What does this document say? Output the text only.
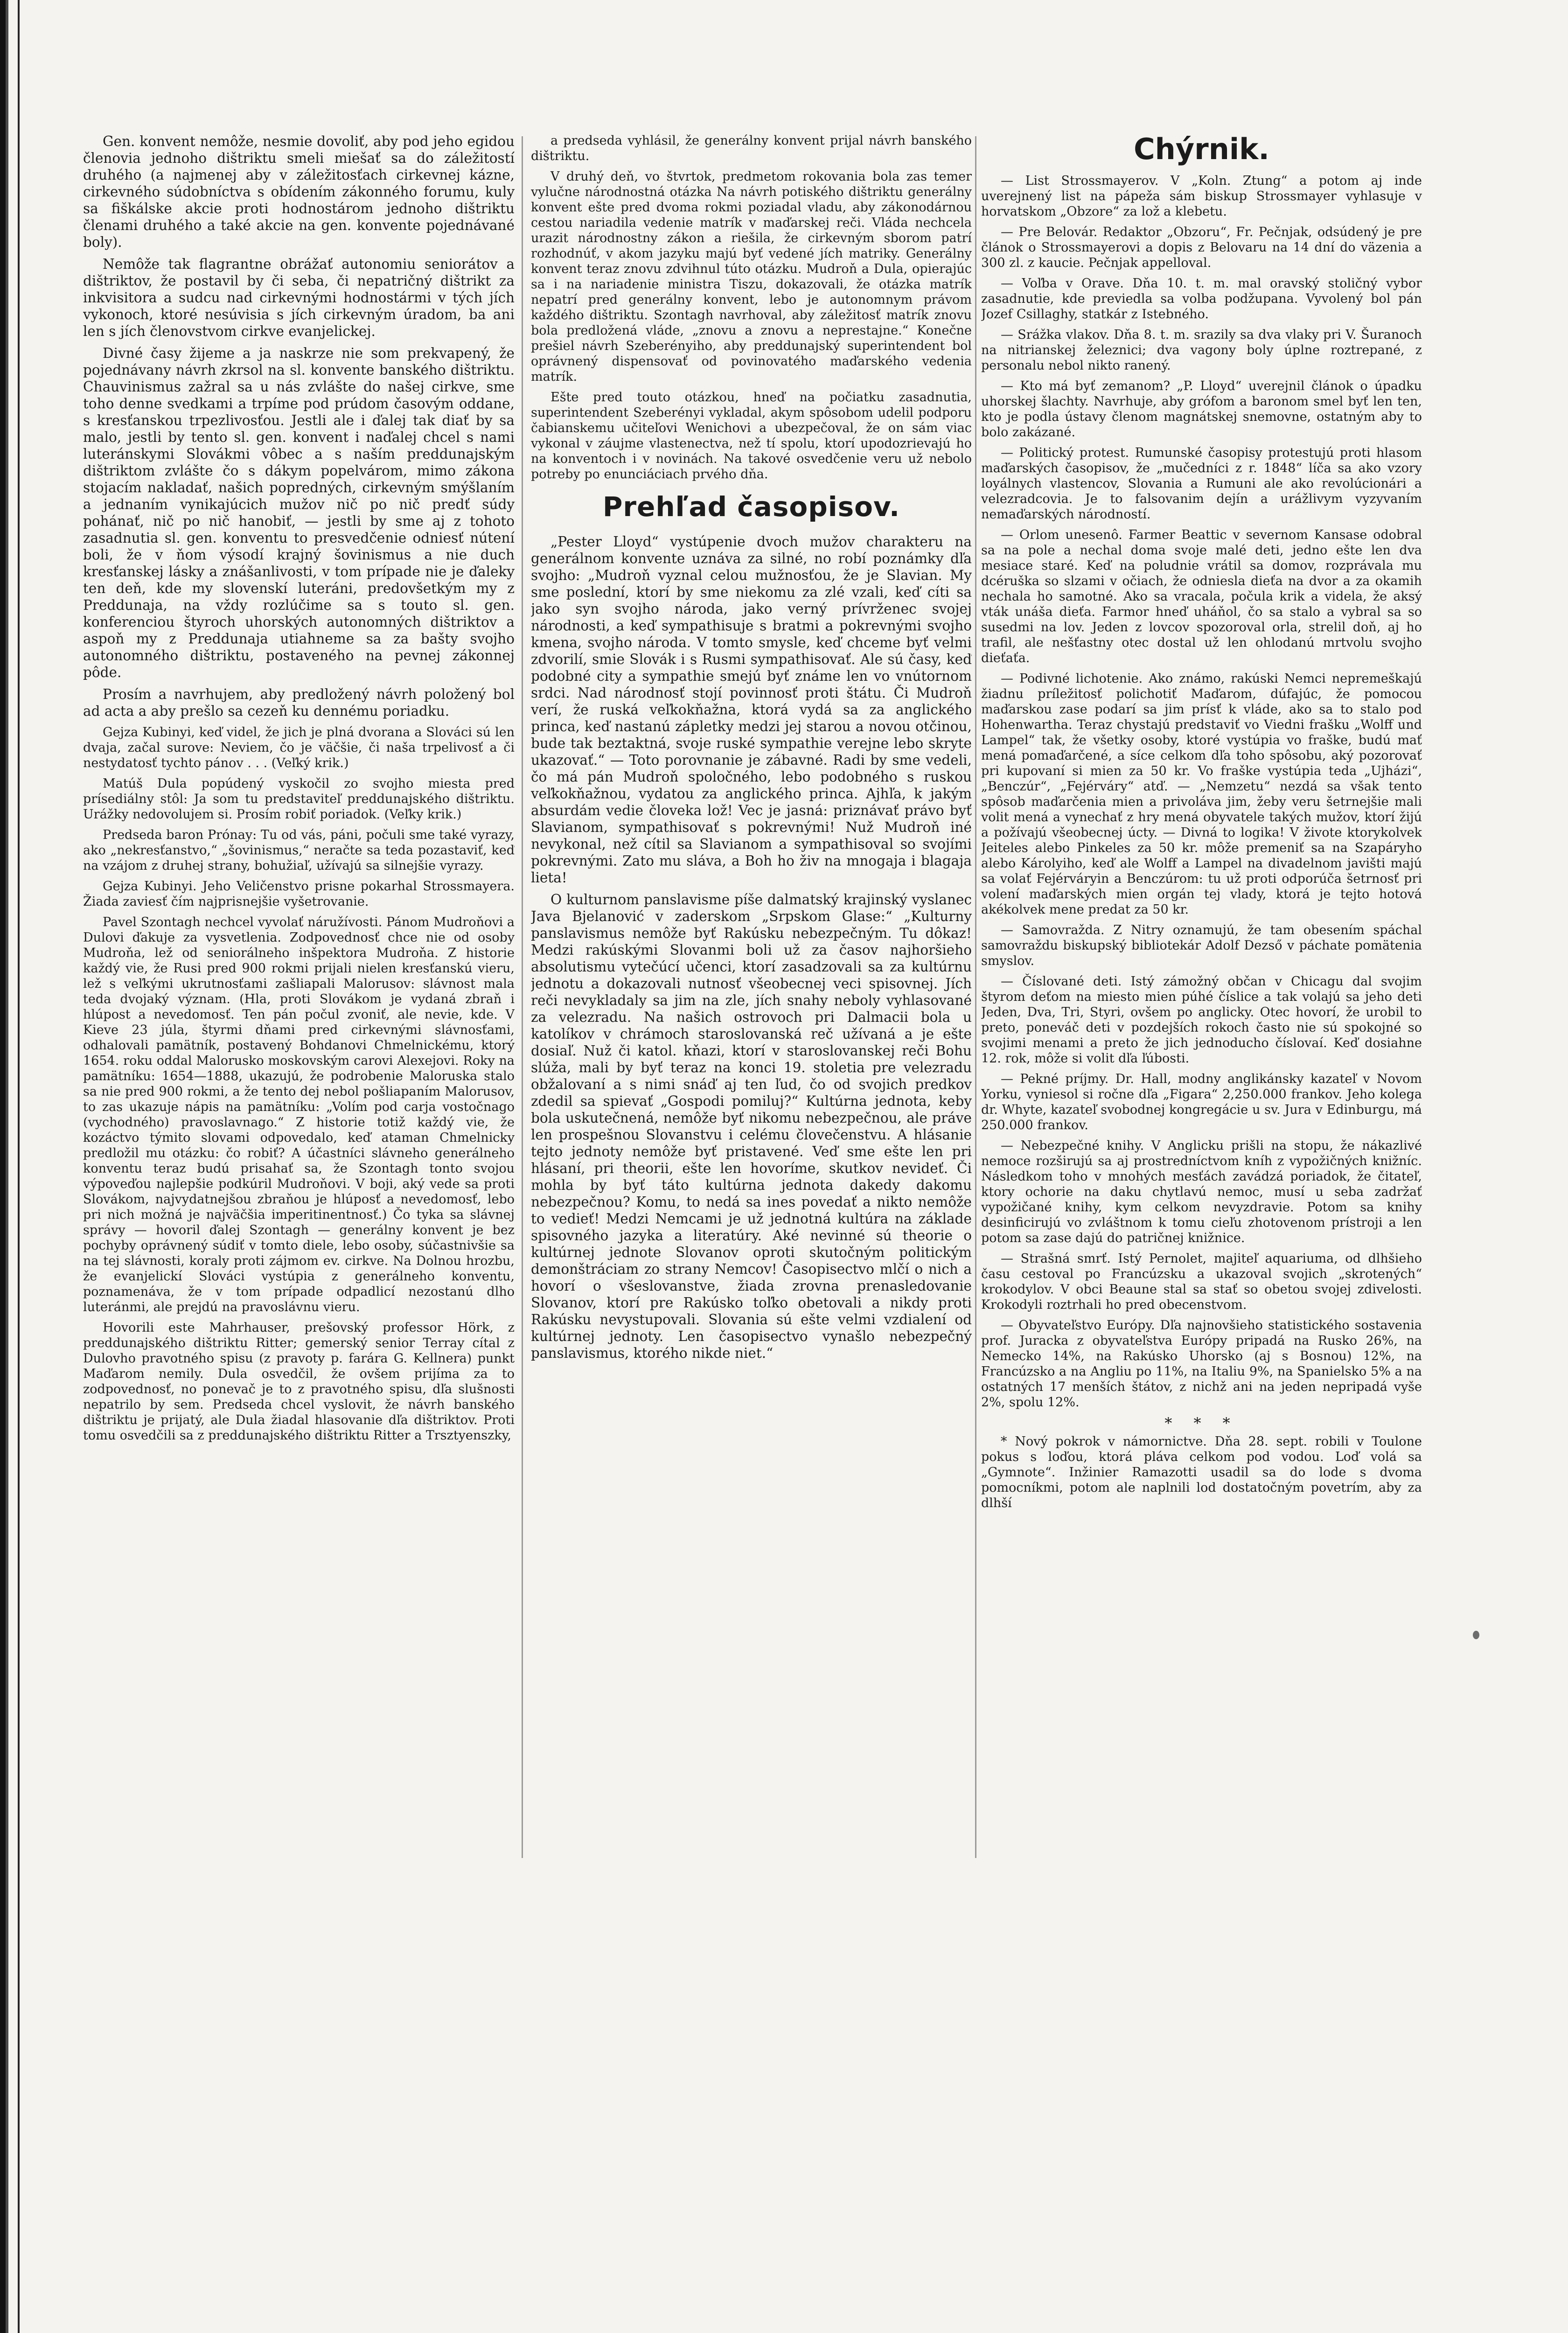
Gen. konvent nemôže, nesmie dovoliť, aby pod jeho egidou členovia jednoho dištriktu smeli miešať sa do záležitostí druhého (a najmenej aby v záležitosťach cirkevnej kázne, cirkevného súdobníctva s obídením zákonného forumu, kuly sa fiškálske akcie proti hodnostárom jednoho dištriktu členami druhého a také akcie na gen. konvente pojednávané boly).

Nemôže tak flagrantne obrážať autonomiu seniorátov a dištriktov, že postavil by či seba, či nepatričný dištrikt za inkvisitora a sudcu nad cirkevnými hodnostármi v tých jích vykonoch, ktoré nesúvisia s jích cirkevným úradom, ba ani len s jích členovstvom cirkve evanjelickej.

Divné časy žijeme a ja naskrze nie som prekvapený, že pojednávany návrh zkrsol na sl. konvente banského dištriktu. Chauvinismus zažral sa u nás zvlášte do našej cirkve, sme toho denne svedkami a trpíme pod prúdom časovým oddane, s kresťanskou trpezlivosťou. Jestli ale i ďalej tak diať by sa malo, jestli by tento sl. gen. konvent i naďalej chcel s nami luteránskymi Slovákmi vôbec a s naším preddunajským dištriktom zvlášte čo s dákym popelvárom, mimo zákona stojacím nakladať, našich popredných, cirkevným smýšlaním a jednaním vynikajúcich mužov nič po nič predť súdy pohánať, nič po nič hanobiť, — jestli by sme aj z tohoto zasadnutia sl. gen. konventu to presvedčenie odniesť nútení boli, že v ňom výsodí krajný šovinismus a nie duch kresťanskej lásky a znášanlivosti, v tom prípade nie je ďaleky ten deň, kde my slovenskí luteráni, predovšetkým my z Preddunaja, na vždy rozlúčime sa s touto sl. gen. konferenciou štyroch uhorských autonomných dištriktov a aspoň my z Preddunaja utiahneme sa za bašty svojho autonomného dištriktu, postaveného na pevnej zákonnej pôde.

Prosím a navrhujem, aby predložený návrh položený bol ad acta a aby prešlo sa cezeň ku dennému poriadku.

Gejza Kubinyi, keď videl, že jich je plná dvorana a Slováci sú len dvaja, začal surove: Neviem, čo je väčšie, či naša trpelivosť a či nestydatosť tychto pánov . . . (Veľký krik.)

Matúš Dula popúdený vyskočil zo svojho miesta pred prísediálny stôl: Ja som tu predstaviteľ preddunajského dištriktu. Urážky nedovolujem si. Prosím robiť poriadok. (Veľky krik.)

Predseda baron Prónay: Tu od vás, páni, počuli sme také vyrazy, ako „nekresťanstvo,“ „šovinismus,“ neračte sa teda pozastaviť, keď na vzájom z druhej strany, bohužiaľ, užívajú sa silnejšie vyrazy.

Gejza Kubinyi. Jeho Veličenstvo prisne pokarhal Strossmayera. Žiada zaviesť čím najprisnejšie vyšetrovanie.

Pavel Szontagh nechcel vyvolať náružívosti. Pánom Mudroňovi a Dulovi ďakuje za vysvetlenia. Zodpovednosť chce nie od osoby Mudroňa, lež od seniorálneho inšpektora Mudroňa. Z historie každý vie, že Rusi pred 900 rokmi prijali nielen kresťanskú vieru, lež s veľkými ukrutnosťami zašliapali Malorusov: slávnost mala teda dvojaký význam. (Hla, proti Slovákom je vydaná zbraň i hlúpost a nevedomosť. Ten pán počul zvoniť, ale nevie, kde. V Kieve 23 júla, štyrmi dňami pred cirkevnými slávnosťami, odhalovali pamätník, postavený Bohdanovi Chmelnickému, ktorý 1654. roku oddal Malorusko moskovským carovi Alexejovi. Roky na pamätníku: 1654—1888, ukazujú, že podrobenie Maloruska stalo sa nie pred 900 rokmi, a že tento dej nebol pošliapaním Malorusov, to zas ukazuje nápis na pamätníku: „Volím pod carja vostočnago (vychodného) pravoslavnago.“ Z historie totiž každý vie, že kozáctvo týmito slovami odpovedalo, keď ataman Chmelnicky predložil mu otázku: čo robiť? A účastníci slávneho generálneho konventu teraz budú prisahať sa, že Szontagh tonto svojou výpoveďou najlepšie podkúril Mudroňovi. V boji, aký vede sa proti Slovákom, najvydatnejšou zbraňou je hlúposť a nevedomosť, lebo pri nich možná je najväčšia imperitinentnosť.) Čo tyka sa slávnej správy — hovoril ďalej Szontagh — generálny konvent je bez pochyby oprávnený súdiť v tomto diele, lebo osoby, súčastnivšie sa na tej slávnosti, koraly proti zájmom ev. cirkve. Na Dolnou hrozbu, že evanjelickí Slováci vystúpia z generálneho konventu, poznamenáva, že v tom prípade odpadlicí nezostanú dlho luteránmi, ale prejdú na pravoslávnu vieru.

Hovorili este Mahrhauser, prešovský professor Hörk, z preddunajského dištriktu Ritter; gemerský senior Terray cítal z Dulovho pravotného spisu (z pravoty p. farára G. Kellnera) punkt Maďarom nemily. Dula osvedčil, že ovšem prijíma za to zodpovednosť, no ponevač je to z pravotného spisu, dľa slušnosti nepatrilo by sem. Predseda chcel vyslovit, že návrh banského dištriktu je prijatý, ale Dula žiadal hlasovanie dľa dištriktov. Proti tomu osvedčili sa z preddunajského dištriktu Ritter a Trsztyenszky,

a predseda vyhlásil, že generálny konvent prijal návrh banského dištriktu.

V druhý deň, vo štvrtok, predmetom rokovania bola zas temer vylučne národnostná otázka Na návrh potiského dištriktu generálny konvent ešte pred dvoma rokmi poziadal vladu, aby zákonodárnou cestou nariadila vedenie matrík v maďarskej reči. Vláda nechcela urazit národnostny zákon a riešila, že cirkevným sborom patrí rozhodnúť, v akom jazyku majú byť vedené jích matriky. Generálny konvent teraz znovu zdvihnul túto otázku. Mudroň a Dula, opierajúc sa i na nariadenie ministra Tiszu, dokazovali, že otázka matrík nepatrí pred generálny konvent, lebo je autonomnym právom každého dištriktu. Szontagh navrhoval, aby záležitosť matrík znovu bola predložená vláde, „znovu a znovu a neprestajne.“ Konečne prešiel návrh Szeberényiho, aby preddunajský superintendent bol oprávnený dispensovať od povinovatého maďarského vedenia matrík.

Ešte pred touto otázkou, hneď na počiatku zasadnutia, superintendent Szeberényi vykladal, akym spôsobom udelil podporu čabianskemu učiteľovi Wenichovi a ubezpečoval, že on sám viac vykonal v záujme vlastenectva, než tí spolu, ktorí upodozrievajú ho na konventoch i v novinách. Na takové osvedčenie veru už nebolo potreby po enunciáciach prvého dňa.

Prehľad časopisov.

„Pester Lloyd“ vystúpenie dvoch mužov charakteru na generálnom konvente uznáva za silné, no robí poznámky dľa svojho: „Mudroň vyznal celou mužnosťou, že je Slavian. My sme poslední, ktorí by sme niekomu za zlé vzali, keď cíti sa jako syn svojho národa, jako verný prívrženec svojej národnosti, a keď sympathisuje s bratmi a pokrevnými svojho kmena, svojho národa. V tomto smysle, keď chceme byť velmi zdvorilí, smie Slovák i s Rusmi sympathisovať. Ale sú časy, keď podobné city a sympathie smejú byť známe len vo vnútornom srdci. Nad národnosť stojí povinnosť proti štátu. Či Mudroň verí, že ruská veľkokňažna, ktorá vydá sa za anglického princa, keď nastanú zápletky medzi jej starou a novou otčinou, bude tak beztaktná, svoje ruské sympathie verejne lebo skryte ukazovať.“ — Toto porovnanie je zábavné. Radi by sme vedeli, čo má pán Mudroň spoločného, lebo podobného s ruskou veľkokňažnou, vydatou za anglického princa. Ajhľa, k jakým absurdám vedie človeka lož! Vec je jasná: priznávať právo byť Slavianom, sympathisovať s pokrevnými! Nuž Mudroň iné nevykonal, než cítil sa Slavianom a sympathisoval so svojími pokrevnými. Zato mu sláva, a Boh ho živ na mnogaja i blagaja lieta!

O kulturnom panslavisme píše dalmatský krajinský vyslanec Java Bjelanović v zaderskom „Srpskom Glase:“ „Kulturny panslavismus nemôže byť Rakúsku nebezpečným. Tu dôkaz! Medzi rakúskými Slovanmi boli už za časov najhoršieho absolutismu vytečúcí učenci, ktorí zasadzovali sa za kultúrnu jednotu a dokazovali nutnosť všeobecnej veci spisovnej. Jích reči nevykladaly sa jim na zle, jích snahy neboly vyhlasované za velezradu. Na našich ostrovoch pri Dalmacii bola u katolíkov v chrámoch staroslovanská reč užívaná a je ešte dosiaľ. Nuž či katol. kňazi, ktorí v staroslovanskej reči Bohu slúža, mali by byť teraz na konci 19. stoletia pre velezradu obžalovaní a s nimi snáď aj ten ľud, čo od svojich predkov zdedil sa spievať „Gospodi pomiluj?“ Kultúrna jednota, keby bola uskutečnená, nemôže byť nikomu nebezpečnou, ale práve len prospešnou Slovanstvu i celému človečenstvu. A hlásanie tejto jednoty nemôže byť pristavené. Veď sme ešte len pri hlásaní, pri theorii, ešte len hovoríme, skutkov nevideť. Či mohla by byť táto kultúrna jednota dakedy dakomu nebezpečnou? Komu, to nedá sa ines povedať a nikto nemôže to vedieť! Medzi Nemcami je už jednotná kultúra na základe spisovného jazyka a literatúry. Aké nevinné sú theorie o kultúrnej jednote Slovanov oproti skutočným politickým demonštráciam zo strany Nemcov! Časopisectvo mlčí o nich a hovorí o všeslovanstve, žiada zrovna prenasledovanie Slovanov, ktorí pre Rakúsko toľko obetovali a nikdy proti Rakúsku nevystupovali. Slovania sú ešte velmi vzdialení od kultúrnej jednoty. Len časopisectvo vynašlo nebezpečný panslavismus, ktorého nikde niet.“

Chýrnik.

— List Strossmayerov. V „Koln. Ztung“ a potom aj inde uverejnený list na pápeža sám biskup Strossmayer vyhlasuje v horvatskom „Obzore“ za lož a klebetu.

— Pre Belovár. Redaktor „Obzoru“, Fr. Pečnjak, odsúdený je pre článok o Strossmayerovi a dopis z Belovaru na 14 dní do väzenia a 300 zl. z kaucie. Pečnjak appelloval.

— Voľba v Orave. Dňa 10. t. m. mal oravský stoličný vybor zasadnutie, kde previedla sa volba podžupana. Vyvolený bol pán Jozef Csillaghy, statkár z Istebného.

— Srážka vlakov. Dňa 8. t. m. srazily sa dva vlaky pri V. Šuranoch na nitrianskej železnici; dva vagony boly úplne roztrepané, z personalu nebol nikto ranený.

— Kto má byť zemanom? „P. Lloyd“ uverejnil článok o úpadku uhorskej šlachty. Navrhuje, aby grófom a baronom smel byť len ten, kto je podla ústavy členom magnátskej snemovne, ostatným aby to bolo zakázané.

— Politický protest. Rumunské časopisy protestujú proti hlasom maďarských časopisov, že „mučedníci z r. 1848“ líča sa ako vzory loyálnych vlastencov, Slovania a Rumuni ale ako revolúcionári a velezradcovia. Je to falsovanim dejín a urážlivym vyzyvaním nemaďarských národností.

— Orlom unesenô. Farmer Beattic v severnom Kansase odobral sa na pole a nechal doma svoje malé deti, jedno ešte len dva mesiace staré. Keď na poludnie vrátil sa domov, rozprávala mu dcéruška so slzami v očiach, že odniesla dieťa na dvor a za okamih nechala ho samotné. Ako sa vracala, počula krik a videla, že aksý vták unáša dieťa. Farmor hneď uháňol, čo sa stalo a vybral sa so susedmi na lov. Jeden z lovcov spozoroval orla, strelil doň, aj ho trafil, ale nešťastny otec dostal už len ohlodanú mrtvolu svojho dieťaťa.

— Podivné lichotenie. Ako známo, rakúski Nemci nepremeškajú žiadnu príležitosť polichotiť Maďarom, dúfajúc, že pomocou maďarskou zase podarí sa jim prísť k vláde, ako sa to stalo pod Hohenwartha. Teraz chystajú predstaviť vo Viedni frašku „Wolff und Lampel“ tak, že všetky osoby, ktoré vystúpia vo fraške, budú mať mená pomaďarčené, a síce celkom dľa toho spôsobu, aký pozorovať pri kupovaní si mien za 50 kr. Vo fraške vystúpia teda „Ujházi“, „Benczúr“, „Fejérváry“ atď. — „Nemzetu“ nezdá sa však tento spôsob maďarčenia mien a privoláva jim, žeby veru šetrnejšie mali volit mená a vynechať z hry mená obyvatele takých mužov, ktorí žijú a požívajú všeobecnej úcty. — Divná to logika! V živote ktorykolvek Jeiteles alebo Pinkeles za 50 kr. môže premeniť sa na Szapáryho alebo Károlyiho, keď ale Wolff a Lampel na divadelnom javišti majú sa volať Fejérváryin a Benczúrom: tu už proti odporúča šetrnosť pri volení maďarských mien orgán tej vlady, ktorá je tejto hotová akékolvek mene predat za 50 kr.

— Samovražda. Z Nitry oznamujú, že tam obesením spáchal samovraždu biskupský bibliotekár Adolf Dezső v páchate pomätenia smyslov.

— Číslované deti. Istý zámožný občan v Chicagu dal svojim štyrom deťom na miesto mien púhé číslice a tak volajú sa jeho deti Jeden, Dva, Tri, Styri, ovšem po anglicky. Otec hovorí, že urobil to preto, poneváč deti v pozdejších rokoch často nie sú spokojné so svojimi menami a preto že jich jednoducho číslovaí. Keď dosiahne 12. rok, môže si volit dľa ľúbosti.

— Pekné príjmy. Dr. Hall, modny anglikánsky kazateľ v Novom Yorku, vyniesol si ročne dľa „Figara“ 2,250.000 frankov. Jeho kolega dr. Whyte, kazateľ svobodnej kongregácie u sv. Jura v Edinburgu, má 250.000 frankov.

— Nebezpečné knihy. V Anglicku prišli na stopu, že nákazlivé nemoce rozširujú sa aj prostredníctvom kníh z vypožičných knižníc. Následkom toho v mnohých mesťách zavádzá poriadok, že čitateľ, ktory ochorie na daku chytlavú nemoc, musí u seba zadržať vypožičané knihy, kym celkom nevyzdravie. Potom sa knihy desinficirujú vo zvláštnom k tomu cieľu zhotovenom prístroji a len potom sa zase dajú do patričnej knižnice.

— Strašná smrť. Istý Pernolet, majiteľ aquariuma, od dlhšieho času cestoval po Francúzsku a ukazoval svojich „skrotených“ krokodylov. V obci Beaune stal sa stať so obetou svojej zdivelosti. Krokodyli roztrhali ho pred obecenstvom.

— Obyvateľstvo Európy. Dľa najnovšieho statistického sostavenia prof. Juracka z obyvateľstva Európy pripadá na Rusko 26%, na Nemecko 14%, na Rakúsko Uhorsko (aj s Bosnou) 12%, na Francúzsko a na Angliu po 11%, na Italiu 9%, na Spanielsko 5% a na ostatných 17 menších štátov, z nichž ani na jeden nepripadá vyše 2%, spolu 12%.

* * *

* Nový pokrok v námornictve. Dňa 28. sept. robili v Toulone pokus s loďou, ktorá pláva celkom pod vodou. Loď volá sa „Gymnote“. Inžinier Ramazotti usadil sa do lode s dvoma pomocníkmi, potom ale naplnili lod dostatočným povetrím, aby za dlhší
